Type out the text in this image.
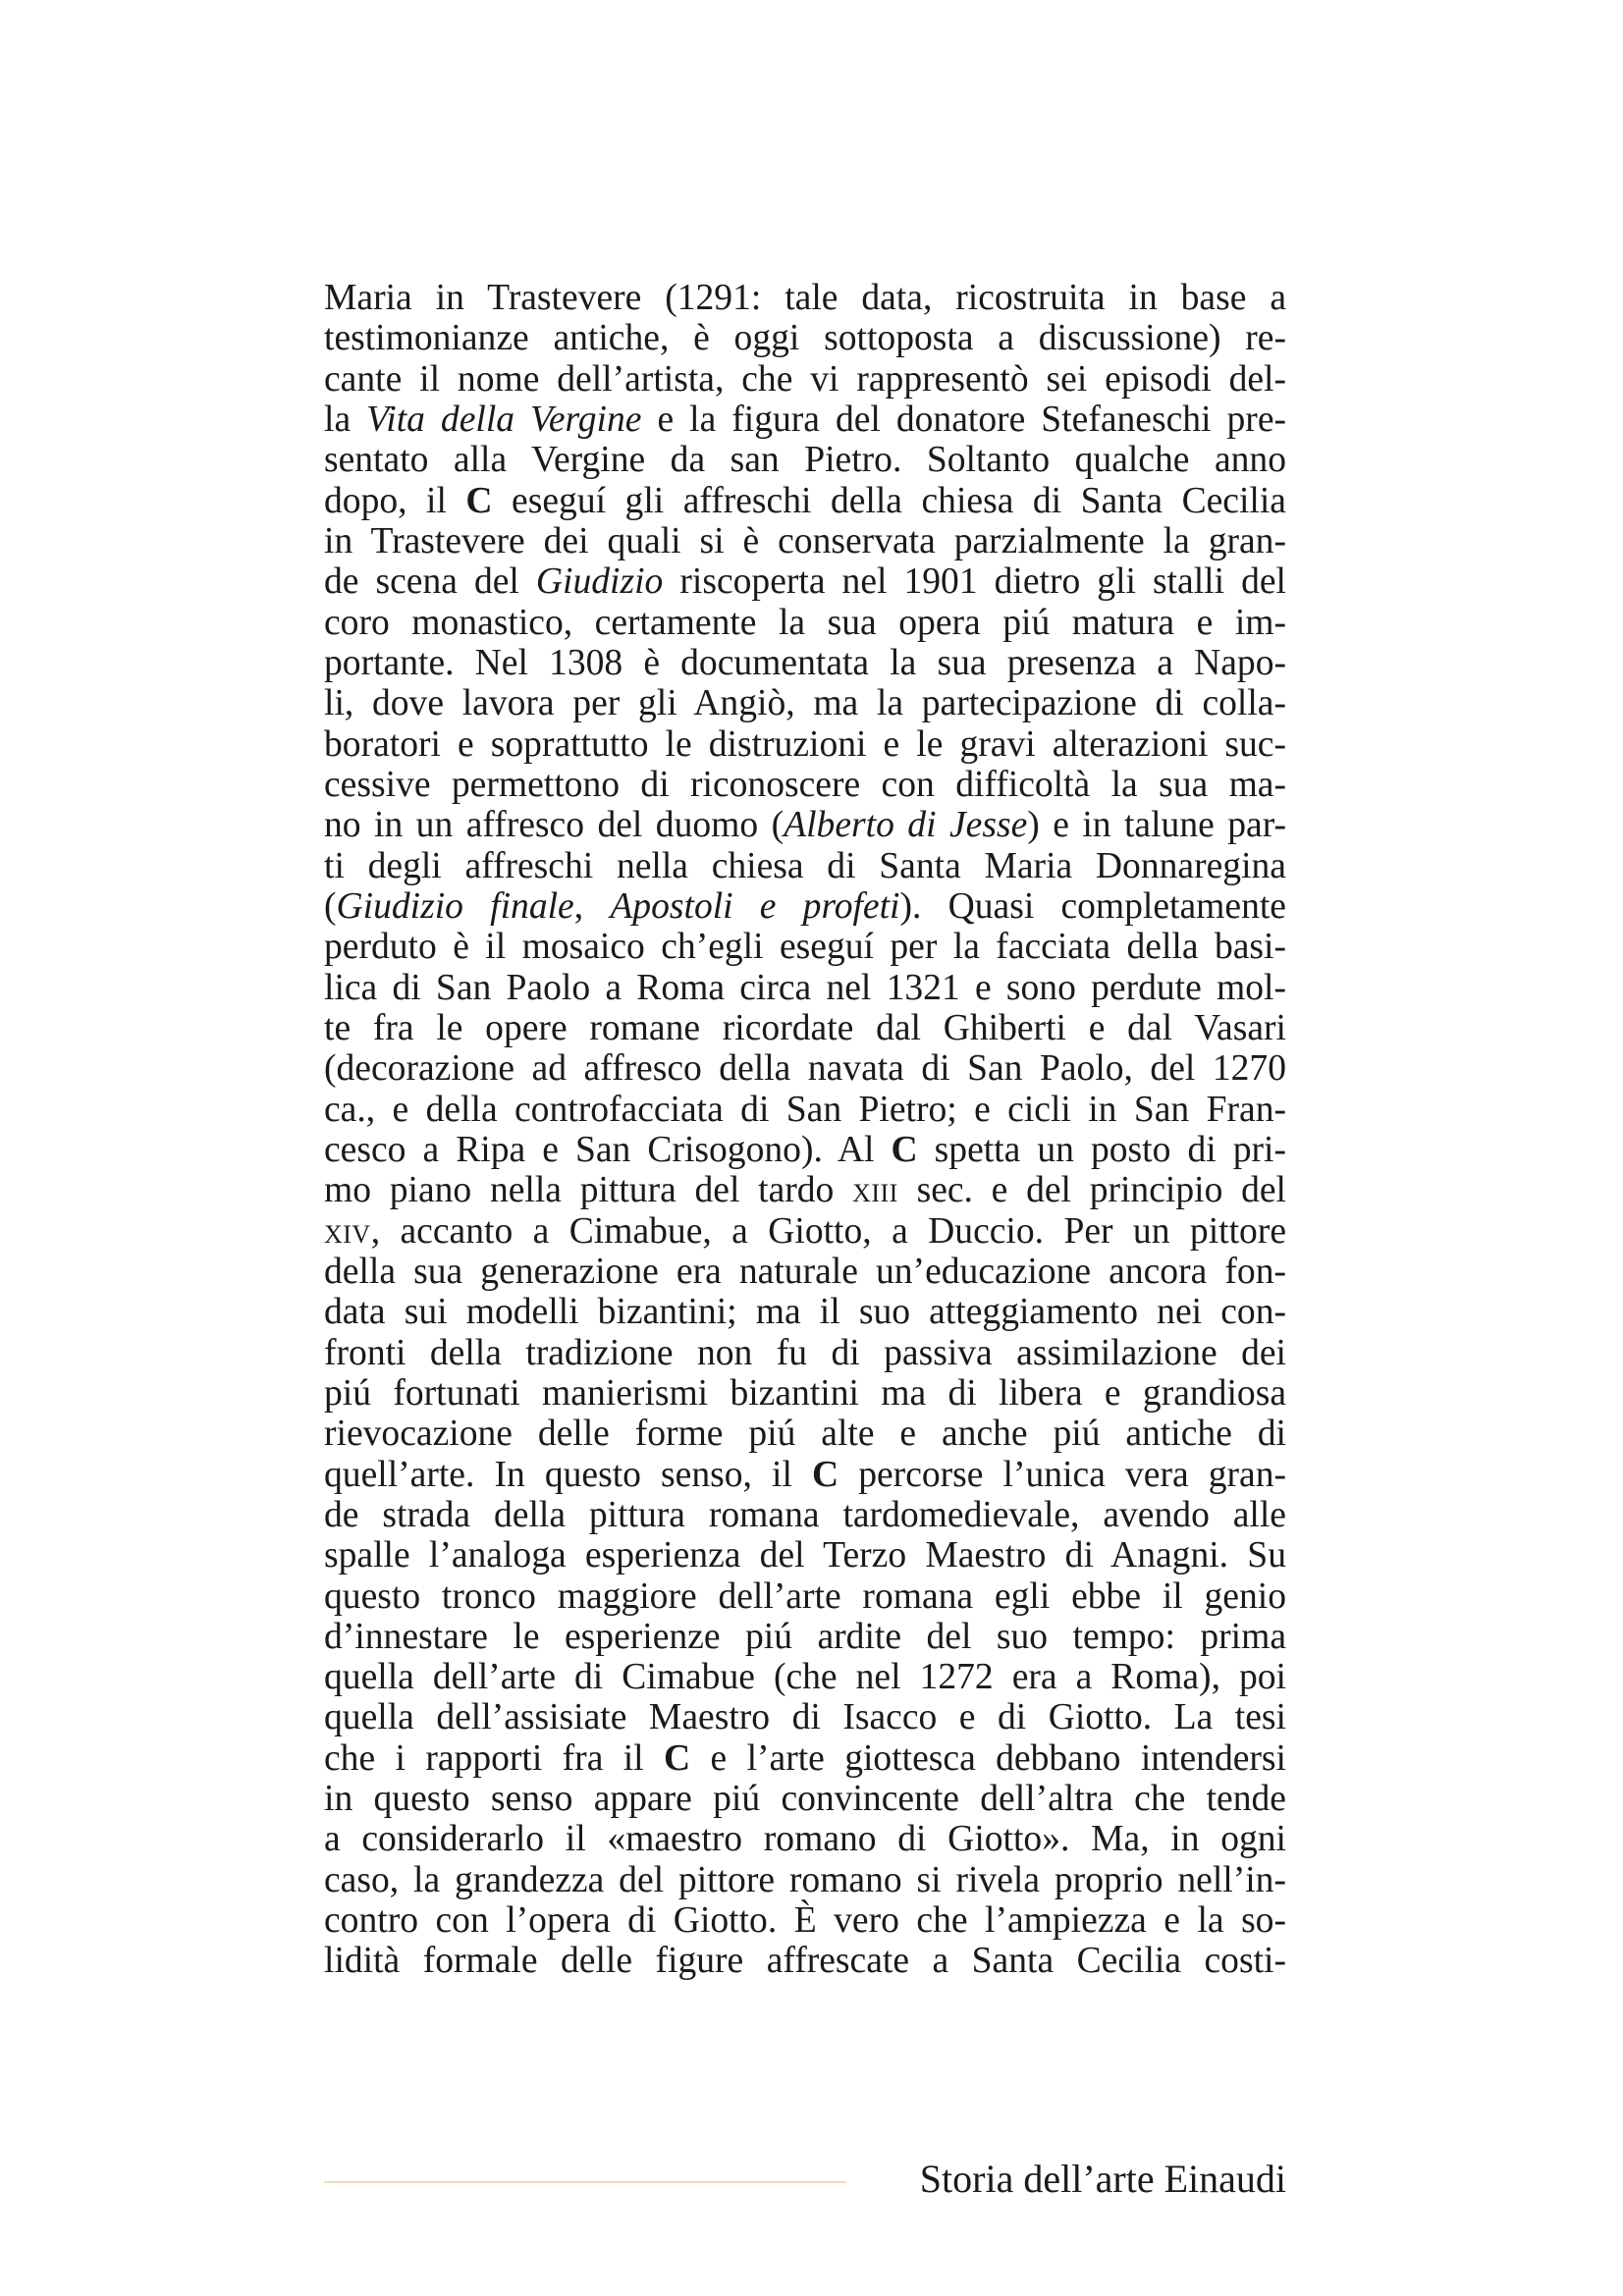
Maria in Trastevere (1291: tale data, ricostruita in base a
testimonianze antiche, è oggi sottoposta a discussione) re-
cante il nome dell’artista, che vi rappresentò sei episodi del-
la Vita della Vergine e la figura del donatore Stefaneschi pre-
sentato alla Vergine da san Pietro. Soltanto qualche anno
dopo, il C eseguí gli affreschi della chiesa di Santa Cecilia
in Trastevere dei quali si è conservata parzialmente la gran-
de scena del Giudizio riscoperta nel 1901 dietro gli stalli del
coro monastico, certamente la sua opera piú matura e im-
portante. Nel 1308 è documentata la sua presenza a Napo-
li, dove lavora per gli Angiò, ma la partecipazione di colla-
boratori e soprattutto le distruzioni e le gravi alterazioni suc-
cessive permettono di riconoscere con difficoltà la sua ma-
no in un affresco del duomo (Alberto di Jesse) e in talune par-
ti degli affreschi nella chiesa di Santa Maria Donnaregina
(Giudizio finale, Apostoli e profeti). Quasi completamente
perduto è il mosaico ch’egli eseguí per la facciata della basi-
lica di San Paolo a Roma circa nel 1321 e sono perdute mol-
te fra le opere romane ricordate dal Ghiberti e dal Vasari
(decorazione ad affresco della navata di San Paolo, del 1270
ca., e della controfacciata di San Pietro; e cicli in San Fran-
cesco a Ripa e San Crisogono). Al C spetta un posto di pri-
mo piano nella pittura del tardo xiii sec. e del principio del
xiv, accanto a Cimabue, a Giotto, a Duccio. Per un pittore
della sua generazione era naturale un’educazione ancora fon-
data sui modelli bizantini; ma il suo atteggiamento nei con-
fronti della tradizione non fu di passiva assimilazione dei
piú fortunati manierismi bizantini ma di libera e grandiosa
rievocazione delle forme piú alte e anche piú antiche di
quell’arte. In questo senso, il C percorse l’unica vera gran-
de strada della pittura romana tardomedievale, avendo alle
spalle l’analoga esperienza del Terzo Maestro di Anagni. Su
questo tronco maggiore dell’arte romana egli ebbe il genio
d’innestare le esperienze piú ardite del suo tempo: prima
quella dell’arte di Cimabue (che nel 1272 era a Roma), poi
quella dell’assisiate Maestro di Isacco e di Giotto. La tesi
che i rapporti fra il C e l’arte giottesca debbano intendersi
in questo senso appare piú convincente dell’altra che tende
a considerarlo il «maestro romano di Giotto». Ma, in ogni
caso, la grandezza del pittore romano si rivela proprio nell’in-
contro con l’opera di Giotto. È vero che l’ampiezza e la so-
lidità formale delle figure affrescate a Santa Cecilia costi-
Storia dell’arte Einaudi
